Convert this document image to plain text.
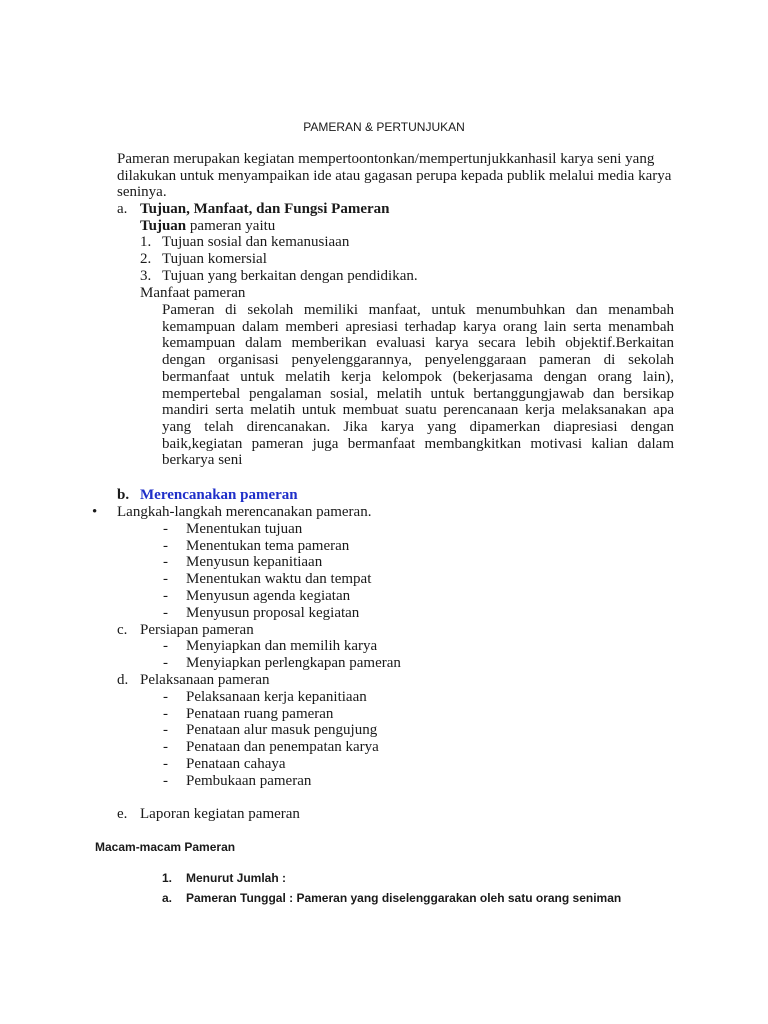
PAMERAN & PERTUNJUKAN
Pameran merupakan kegiatan mempertoontonkan/mempertunjukkanhasil karya seni yang dilakukan untuk menyampaikan ide atau gagasan perupa kepada publik melalui media karya seninya.
a. Tujuan, Manfaat, dan Fungsi Pameran
Tujuan pameran yaitu
1. Tujuan sosial dan kemanusiaan
2. Tujuan komersial
3. Tujuan yang berkaitan dengan pendidikan.
Manfaat pameran
Pameran di sekolah memiliki manfaat, untuk menumbuhkan dan menambah kemampuan dalam memberi apresiasi terhadap karya orang lain serta menambah kemampuan dalam memberikan evaluasi karya secara lebih objektif.Berkaitan dengan organisasi penyelenggarannya, penyelenggaraan pameran di sekolah bermanfaat untuk melatih kerja kelompok (bekerjasama dengan orang lain), mempertebal pengalaman sosial, melatih untuk bertanggungjawab dan bersikap mandiri serta melatih untuk membuat suatu perencanaan kerja melaksanakan apa yang telah direncanakan. Jika karya yang dipamerkan diapresiasi dengan baik,kegiatan pameran juga bermanfaat membangkitkan motivasi kalian dalam berkarya seni
b. Merencanakan pameran
• Langkah-langkah merencanakan pameran.
- Menentukan tujuan
- Menentukan tema pameran
- Menyusun kepanitiaan
- Menentukan waktu dan tempat
- Menyusun agenda kegiatan
- Menyusun proposal kegiatan
c. Persiapan pameran
- Menyiapkan dan memilih karya
- Menyiapkan perlengkapan pameran
d. Pelaksanaan pameran
- Pelaksanaan kerja kepanitiaan
- Penataan ruang pameran
- Penataan alur masuk pengujung
- Penataan dan penempatan karya
- Penataan cahaya
- Pembukaan pameran
e. Laporan kegiatan pameran
Macam-macam Pameran
1. Menurut Jumlah :
a. Pameran Tunggal : Pameran yang diselenggarakan oleh satu orang seniman
